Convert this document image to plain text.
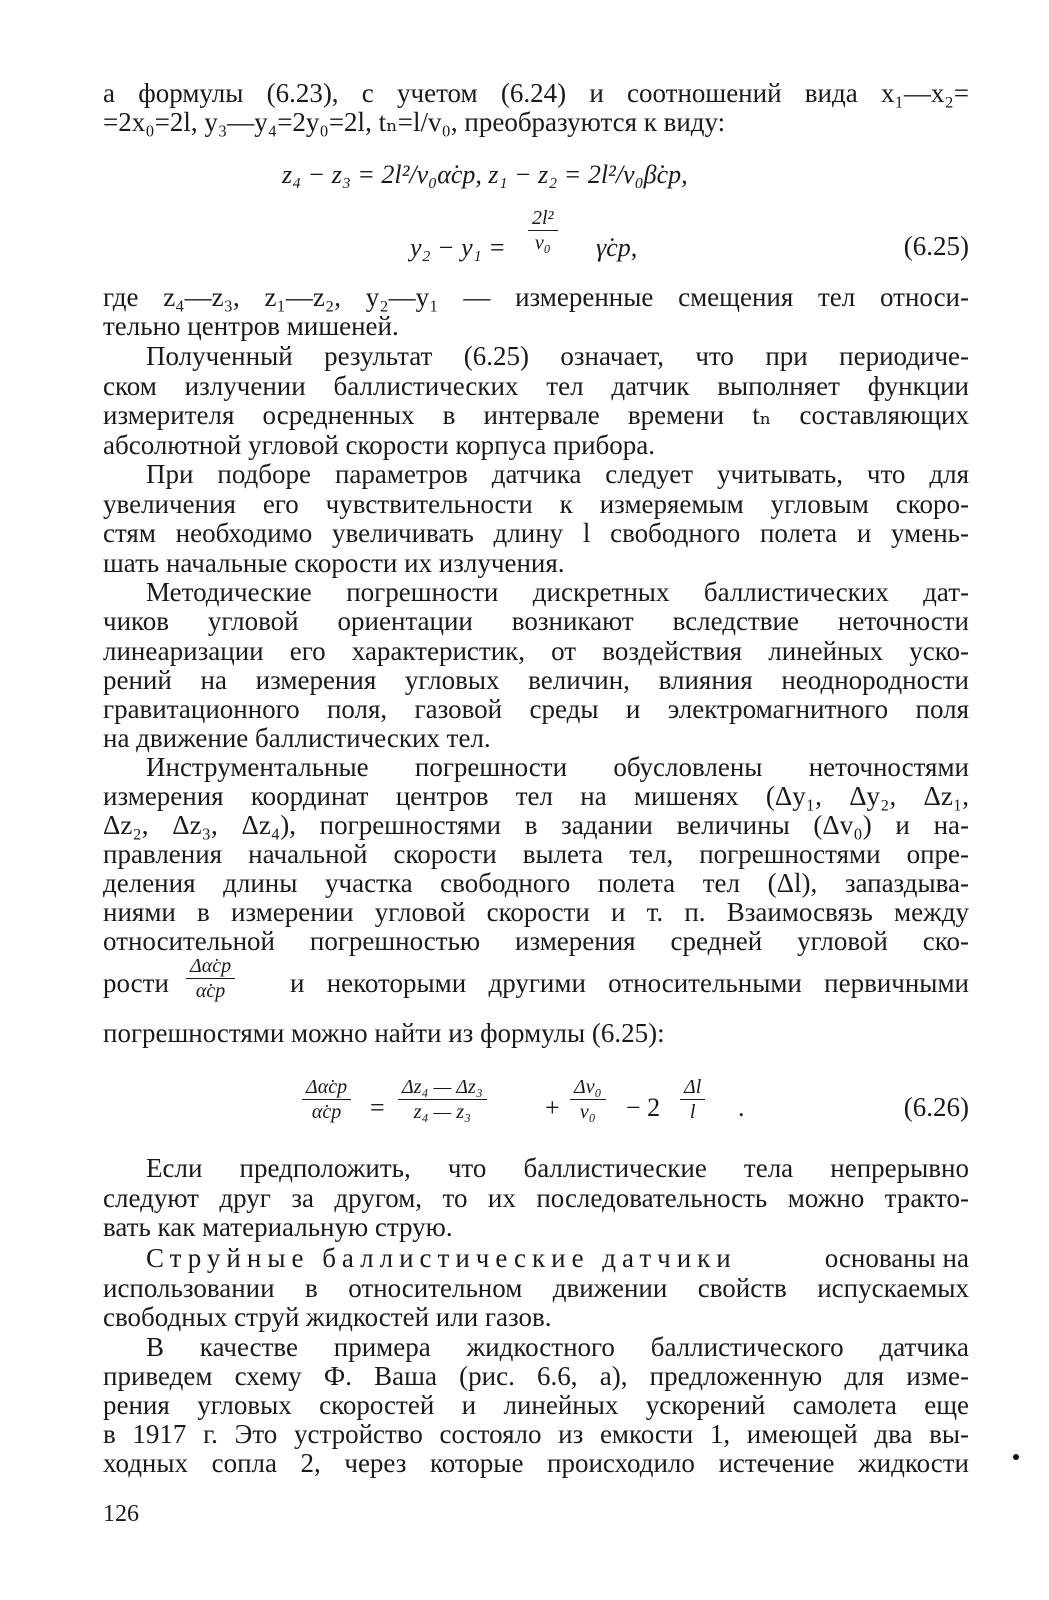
а формулы (6.23), с учетом (6.24) и соотношений вида x₁—x₂=
=2x₀=2l, y₃—y₄=2y₀=2l, tₙ=l/v₀, преобразуются к виду:
z₄ − z₃ = 2l²/v₀α̇ср, z₁ − z₂ = 2l²/v₀β̇ср,
y₂ − y₁ =
2l²
v₀ γ̇ср,	(6.25)
где z₄—z₃, z₁—z₂, y₂—y₁ — измеренные смещения тел относи-
тельно центров мишеней.
Полученный результат (6.25) означает, что при периодиче-
ском излучении баллистических тел датчик выполняет функции
измерителя осредненных в интервале времени tₙ составляющих
абсолютной угловой скорости корпуса прибора.
При подборе параметров датчика следует учитывать, что для
увеличения его чувствительности к измеряемым угловым скоро-
стям необходимо увеличивать длину l свободного полета и умень-
шать начальные скорости их излучения.
Методические погрешности дискретных баллистических дат-
чиков угловой ориентации возникают вследствие неточности
линеаризации его характеристик, от воздействия линейных уско-
рений на измерения угловых величин, влияния неоднородности
гравитационного поля, газовой среды и электромагнитного поля
на движение баллистических тел.
Инструментальные погрешности обусловлены неточностями
измерения координат центров тел на мишенях (Δy₁, Δy₂, Δz₁,
Δz₂, Δz₃, Δz₄), погрешностями в задании величины (Δv₀) и на-
правления начальной скорости вылета тел, погрешностями опре-
деления длины участка свободного полета тел (Δl), запаздыва-
ниями в измерении угловой скорости и т. п. Взаимосвязь между
относительной погрешностью измерения средней угловой ско-
рости
Δα̇ср
α̇ср	и некоторыми другими относительными первичными
погрешностями можно найти из формулы (6.25):
Δα̇ср
α̇ср	=
Δz₄ — Δz₃
z₄ — z₃	+
Δv₀
v₀	− 2
Δl
l	.	(6.26)
Если предположить, что баллистические тела непрерывно
следуют друг за другом, то их последовательность можно тракто-
вать как материальную струю.
Струйные баллистические датчики	основаны на
использовании в относительном движении свойств испускаемых
свободных струй жидкостей или газов.
В качестве примера жидкостного баллистического датчика
приведем схему Ф. Ваша (рис. 6.6, а), предложенную для изме-
рения угловых скоростей и линейных ускорений самолета еще
в 1917 г. Это устройство состояло из емкости 1, имеющей два вы-
ходных сопла 2, через которые происходило истечение жидкости
126
